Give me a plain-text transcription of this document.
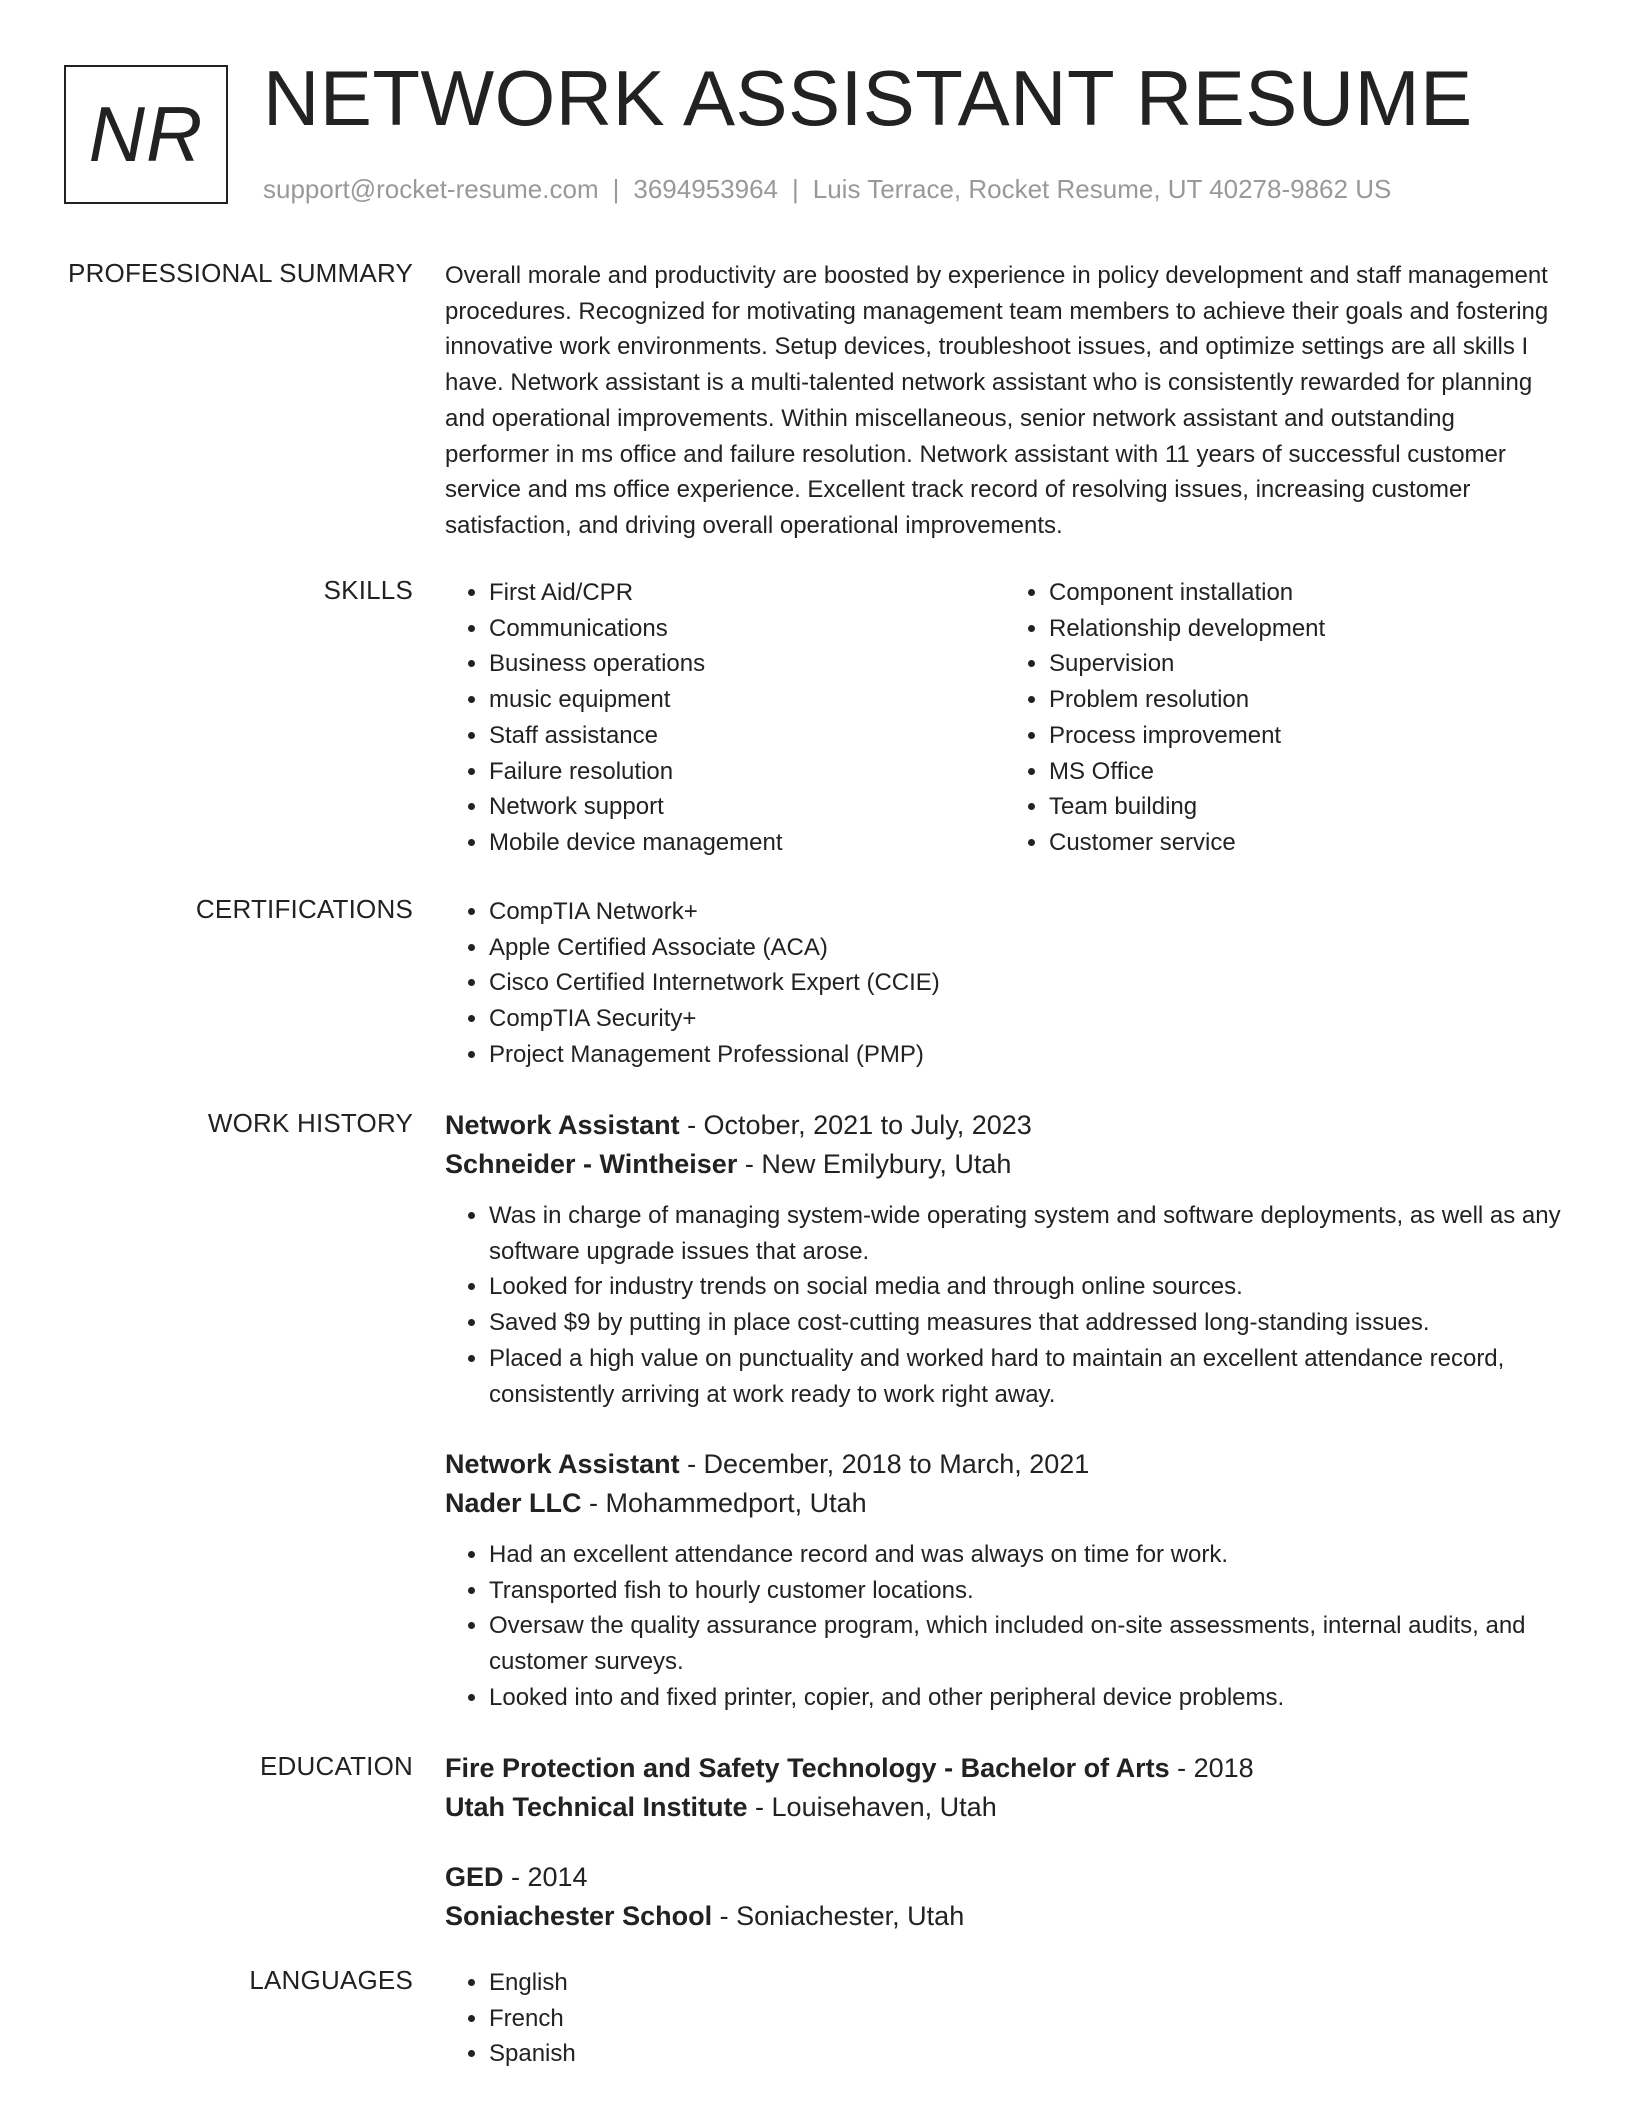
NR NETWORK ASSISTANT RESUME
support@rocket-resume.com | 3694953964 | Luis Terrace, Rocket Resume, UT 40278-9862 US
PROFESSIONAL SUMMARY Overall morale and productivity are boosted by experience in policy development and staff management procedures. Recognized for motivating management team members to achieve their goals and fostering innovative work environments. Setup devices, troubleshoot issues, and optimize settings are all skills I have. Network assistant is a multi-talented network assistant who is consistently rewarded for planning and operational improvements. Within miscellaneous, senior network assistant and outstanding performer in ms office and failure resolution. Network assistant with 11 years of successful customer service and ms office experience. Excellent track record of resolving issues, increasing customer satisfaction, and driving overall operational improvements.

SKILLS	• First Aid/CPR
• Communications
• Business operations
• music equipment
• Staff assistance
• Failure resolution
• Network support
• Mobile device management
• Component installation
• Relationship development
• Supervision
• Problem resolution
• Process improvement
• MS Office
• Team building
• Customer service
CERTIFICATIONS	• CompTIA Network+
• Apple Certified Associate (ACA)
• Cisco Certified Internetwork Expert (CCIE)
• CompTIA Security+
• Project Management Professional (PMP)
WORK HISTORY Network Assistant - October, 2021 to July, 2023
Schneider - Wintheiser - New Emilybury, Utah
• Was in charge of managing system-wide operating system and software deployments, as well as any software upgrade issues that arose.
• Looked for industry trends on social media and through online sources.
• Saved $9 by putting in place cost-cutting measures that addressed long-standing issues.
• Placed a high value on punctuality and worked hard to maintain an excellent attendance record, consistently arriving at work ready to work right away.
Network Assistant - December, 2018 to March, 2021
Nader LLC - Mohammedport, Utah
• Had an excellent attendance record and was always on time for work.
• Transported fish to hourly customer locations.
• Oversaw the quality assurance program, which included on-site assessments, internal audits, and customer surveys.
• Looked into and fixed printer, copier, and other peripheral device problems.
EDUCATION Fire Protection and Safety Technology - Bachelor of Arts - 2018
Utah Technical Institute - Louisehaven, Utah
GED - 2014
Soniachester School - Soniachester, Utah
LANGUAGES	• English
• French
• Spanish
